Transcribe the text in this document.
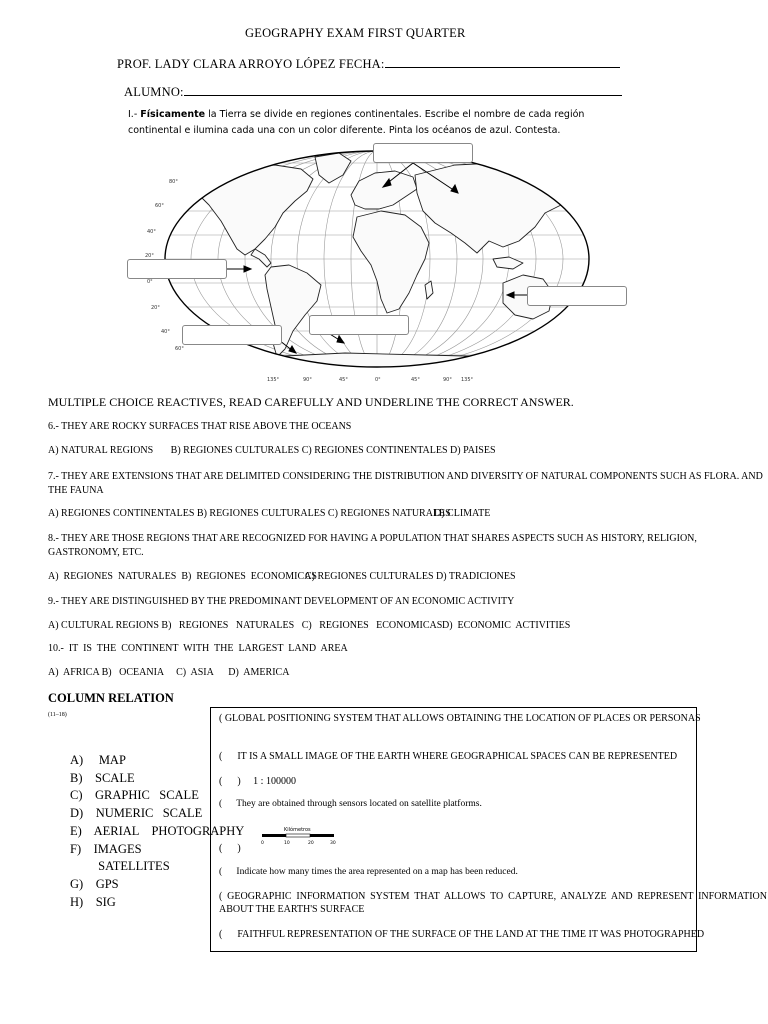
GEOGRAPHY EXAM FIRST QUARTER
PROF. LADY CLARA ARROYO LÓPEZ FECHA:
ALUMNO:
I.- Físicamente la Tierra se divide en regiones continentales. Escribe el nombre de cada región
continental e ilumina cada una con un color diferente. Pinta los océanos de azul. Contesta.
80°
60°
40°
20°
0°
20°
40°
60°
135°	90°	45°	0°	45°	90° 135°
MULTIPLE CHOICE REACTIVES, READ CAREFULLY AND UNDERLINE THE CORRECT ANSWER.
6.- THEY ARE ROCKY SURFACES THAT RISE ABOVE THE OCEANS
A) NATURAL REGIONS       B) REGIONES CULTURALES C) REGIONES CONTINENTALES D) PAISES
7.- THEY ARE EXTENSIONS THAT ARE DELIMITED CONSIDERING THE DISTRIBUTION AND DIVERSITY OF NATURAL COMPONENTS SUCH AS FLORA. AND THE FAUNA
A) REGIONES CONTINENTALES B) REGIONES CULTURALES C) REGIONES NATURALES
D) CLIMATE
8.- THEY ARE THOSE REGIONS THAT ARE RECOGNIZED FOR HAVING A POPULATION THAT SHARES ASPECTS SUCH AS HISTORY, RELIGION, GASTRONOMY, ETC.
A)  REGIONES  NATURALES  B)  REGIONES  ECONOMICAS
C) REGIONES CULTURALES D) TRADICIONES
9.- THEY ARE DISTINGUISHED BY THE PREDOMINANT DEVELOPMENT OF AN ECONOMIC ACTIVITY
A) CULTURAL REGIONS B)   REGIONES   NATURALES   C)   REGIONES   ECONOMICAS D)  ECONOMIC  ACTIVITIES
10.-  IT  IS  THE  CONTINENT  WITH  THE  LARGEST  LAND  AREA
A)  AFRICA B)   OCEANIA     C)  ASIA      D)  AMERICA
COLUMN RELATION
(11–18)
A)     MAP
B)    SCALE
C)    GRAPHIC   SCALE
D)    NUMERIC   SCALE
E)    AERIAL    PHOTOGRAPHY
F)    IMAGES
SATELLITES
G)    GPS
H)    SIG
( GLOBAL POSITIONING SYSTEM THAT ALLOWS OBTAINING THE LOCATION OF PLACES OR PERSONAS
(      IT IS A SMALL IMAGE OF THE EARTH WHERE GEOGRAPHICAL SPACES CAN BE REPRESENTED
(      )     1 : 100000
(      They are obtained through sensors located on satellite platforms.
(      )
Kilómetros
0	10	20	30
(      Indicate how many times the area represented on a map has been reduced.
( GEOGRAPHIC INFORMATION SYSTEM THAT ALLOWS TO CAPTURE, ANALYZE AND REPRESENT INFORMATION ABOUT THE EARTH'S SURFACE
(      FAITHFUL REPRESENTATION OF THE SURFACE OF THE LAND AT THE TIME IT WAS PHOTOGRAPHED
